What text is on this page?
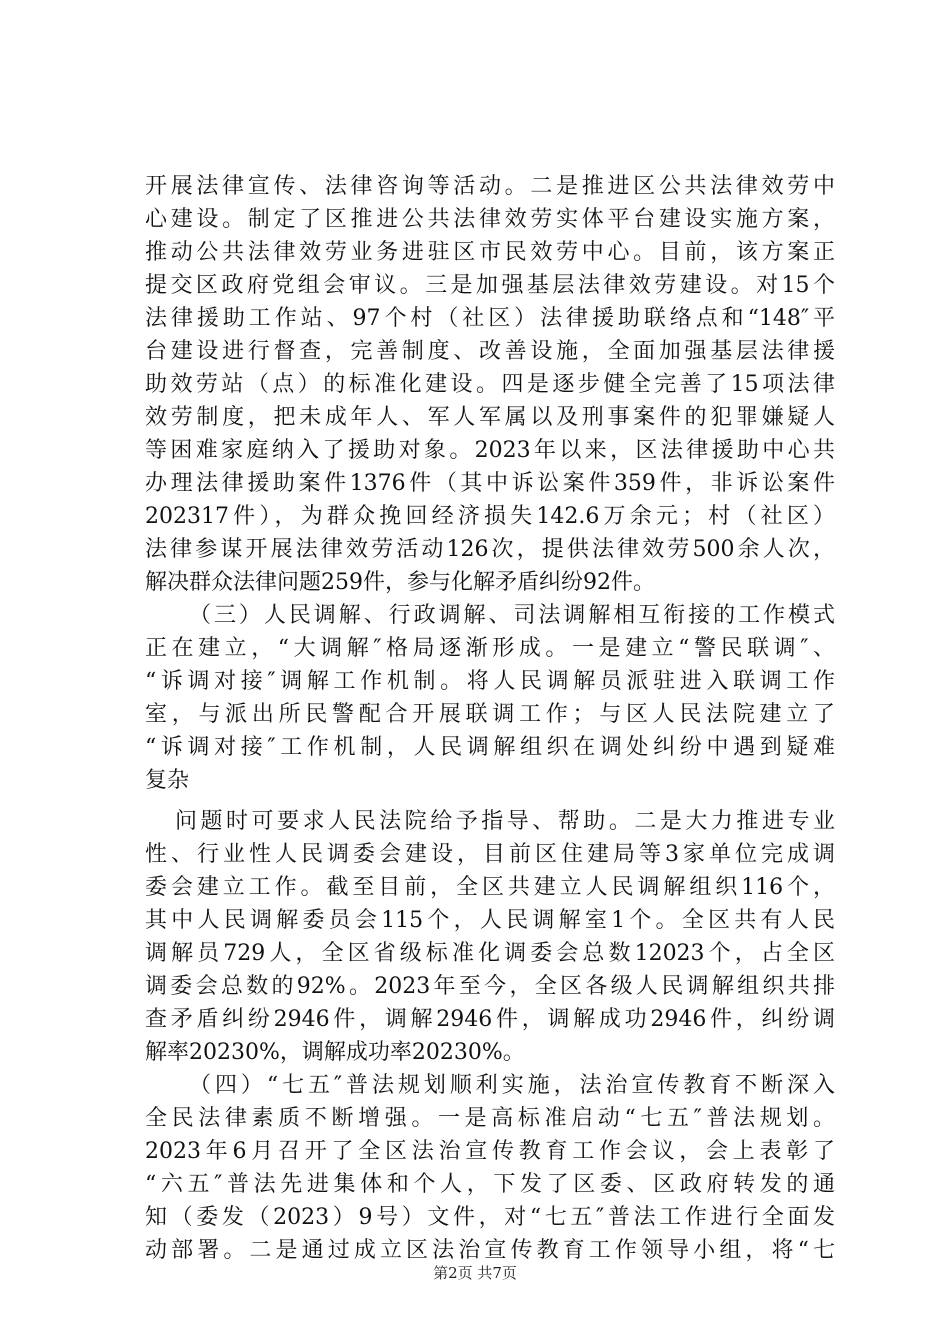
开展法律宣传、法律咨询等活动。二是推进区公共法律效劳中
心建设。制定了区推进公共法律效劳实体平台建设实施方案，
推动公共法律效劳业务进驻区市民效劳中心。目前，该方案正
提交区政府党组会审议。三是加强基层法律效劳建设。对15个
法律援助工作站、97个村（社区）法律援助联络点和“148″平
台建设进行督查，完善制度、改善设施，全面加强基层法律援
助效劳站（点）的标准化建设。四是逐步健全完善了15项法律
效劳制度，把未成年人、军人军属以及刑事案件的犯罪嫌疑人
等困难家庭纳入了援助对象。2023年以来，区法律援助中心共
办理法律援助案件1376件（其中诉讼案件359件，非诉讼案件
202317件），为群众挽回经济损失142.6万余元；村（社区）
法律参谋开展法律效劳活动126次，提供法律效劳500余人次，
解决群众法律问题259件，参与化解矛盾纠纷92件。
（三）人民调解、行政调解、司法调解相互衔接的工作模式
正在建立，“大调解″格局逐渐形成。一是建立“警民联调″、
“诉调对接″调解工作机制。将人民调解员派驻进入联调工作
室，与派出所民警配合开展联调工作；与区人民法院建立了
“诉调对接″工作机制，人民调解组织在调处纠纷中遇到疑难
复杂
问题时可要求人民法院给予指导、帮助。二是大力推进专业
性、行业性人民调委会建设，目前区住建局等3家单位完成调
委会建立工作。截至目前，全区共建立人民调解组织116个，
其中人民调解委员会115个，人民调解室1个。全区共有人民
调解员729人，全区省级标准化调委会总数12023个，占全区
调委会总数的92%。2023年至今，全区各级人民调解组织共排
查矛盾纠纷2946件，调解2946件，调解成功2946件，纠纷调
解率20230%，调解成功率20230%。
（四）“七五″普法规划顺利实施，法治宣传教育不断深入
全民法律素质不断增强。一是高标准启动“七五″普法规划。
2023年6月召开了全区法治宣传教育工作会议，会上表彰了
“六五″普法先进集体和个人，下发了区委、区政府转发的通
知（委发（2023）9号）文件，对“七五″普法工作进行全面发
动部署。二是通过成立区法治宣传教育工作领导小组，将“七
第2页 共7页
